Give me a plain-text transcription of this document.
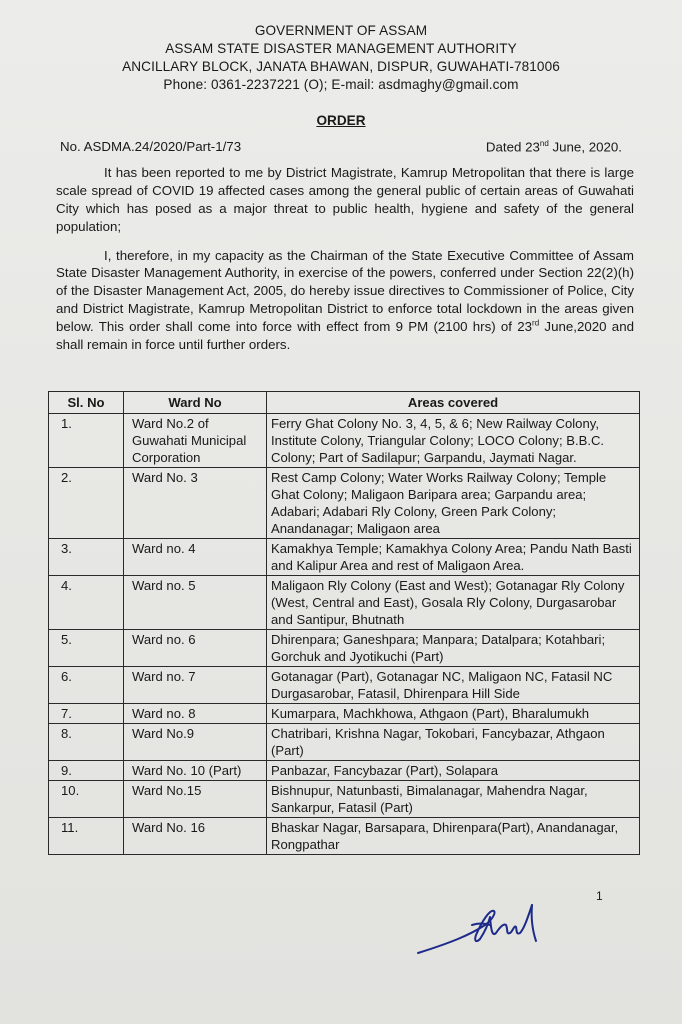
GOVERNMENT OF ASSAM
ASSAM STATE DISASTER MANAGEMENT AUTHORITY
ANCILLARY BLOCK, JANATA BHAWAN, DISPUR, GUWAHATI-781006
Phone: 0361-2237221 (O); E-mail: asdmaghy@gmail.com
ORDER
No. ASDMA.24/2020/Part-1/73	Dated 23nd June, 2020.

It has been reported to me by District Magistrate, Kamrup Metropolitan that there is large scale spread of COVID 19 affected cases among the general public of certain areas of Guwahati City which has posed as a major threat to public health, hygiene and safety of the general population;

I, therefore, in my capacity as the Chairman of the State Executive Committee of Assam State Disaster Management Authority, in exercise of the powers, conferred under Section 22(2)(h) of the Disaster Management Act, 2005, do hereby issue directives to Commissioner of Police, City and District Magistrate, Kamrup Metropolitan District to enforce total lockdown in the areas given below. This order shall come into force with effect from 9 PM (2100 hrs) of 23rd June,2020 and shall remain in force until further orders.

Sl. No	Ward No	Areas covered
1.	Ward No.2 of Guwahati Municipal Corporation	Ferry Ghat Colony No. 3, 4, 5, & 6; New Railway Colony, Institute Colony, Triangular Colony; LOCO Colony; B.B.C. Colony; Part of Sadilapur; Garpandu, Jaymati Nagar.
2.	Ward No. 3	Rest Camp Colony; Water Works Railway Colony; Temple Ghat Colony; Maligaon Baripara area; Garpandu area; Adabari; Adabari Rly Colony, Green Park Colony; Anandanagar; Maligaon area
3.	Ward no. 4	Kamakhya Temple; Kamakhya Colony Area; Pandu Nath Basti and Kalipur Area and rest of Maligaon Area.
4.	Ward no. 5	Maligaon Rly Colony (East and West); Gotanagar Rly Colony (West, Central and East), Gosala Rly Colony, Durgasarobar and Santipur, Bhutnath
5.	Ward no. 6	Dhirenpara; Ganeshpara; Manpara; Datalpara; Kotahbari; Gorchuk and Jyotikuchi (Part)
6.	Ward no. 7	Gotanagar (Part), Gotanagar NC, Maligaon NC, Fatasil NC Durgasarobar, Fatasil, Dhirenpara Hill Side
7.	Ward no. 8	Kumarpara, Machkhowa, Athgaon (Part), Bharalumukh
8.	Ward No.9	Chatribari, Krishna Nagar, Tokobari, Fancybazar, Athgaon (Part)
9.	Ward No. 10 (Part)	Panbazar, Fancybazar (Part), Solapara
10.	Ward No.15	Bishnupur, Natunbasti, Bimalanagar, Mahendra Nagar, Sankarpur, Fatasil (Part)
11.	Ward No. 16	Bhaskar Nagar, Barsapara, Dhirenpara(Part), Anandanagar, Rongpathar
1
